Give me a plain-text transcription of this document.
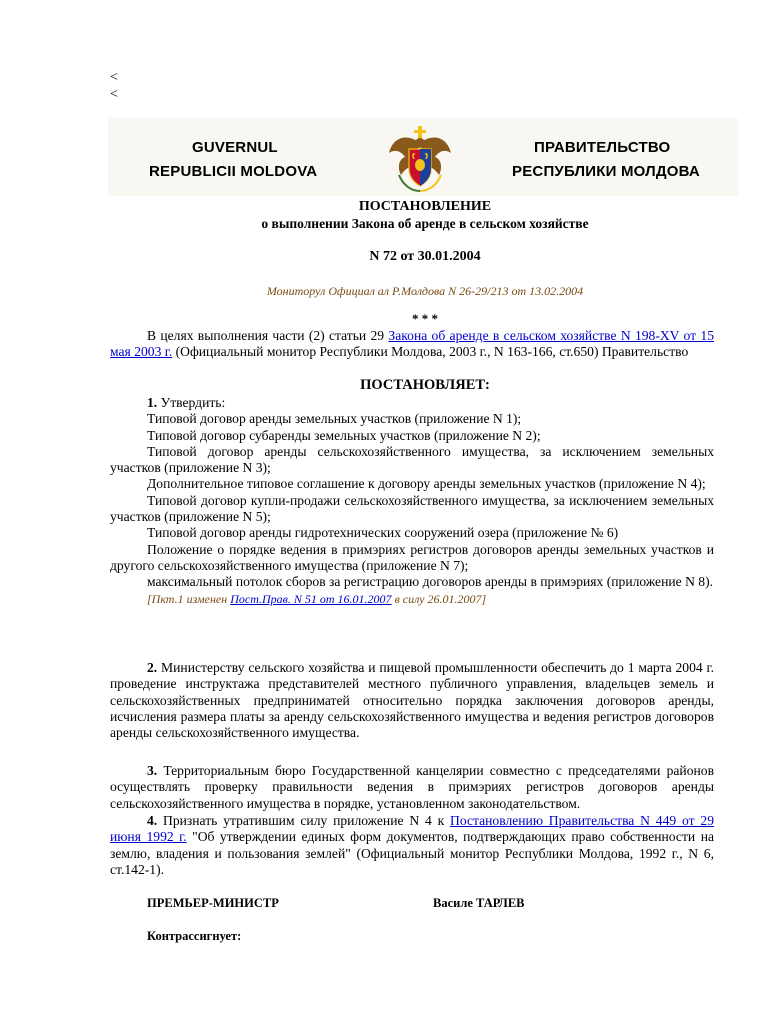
<
<
GUVERNUL
REPUBLICII MOLDOVA
ПРАВИТЕЛЬСТВО
РЕСПУБЛИКИ МОЛДОВА
ПОСТАНОВЛЕНИЕ
о выполнении Закона об аренде в сельском хозяйстве
N 72 от 30.01.2004
Мониторул Официал ал Р.Молдова N 26-29/213 от 13.02.2004
* * *

В целях выполнения части (2) статьи 29 Закона об аренде в сельском хозяйстве N 198-XV от 15 мая 2003 г. (Официальный монитор Республики Молдова, 2003 г., N 163-166, ст.650) Правительство

ПОСТАНОВЛЯЕТ:

1. Утвердить:

Типовой договор аренды земельных участков (приложение N 1);

Типовой договор субаренды земельных участков (приложение N 2);

Типовой договор аренды сельскохозяйственного имущества, за исключением земельных участков (приложение N 3);

Дополнительное типовое соглашение к договору аренды земельных участков (приложение N 4);

Типовой договор купли-продажи сельскохозяйственного имущества, за исключением земельных участков (приложение N 5);

Типовой договор аренды гидротехнических сооружений озера (приложение № 6)

Положение о порядке ведения в примэриях регистров договоров аренды земельных участков и другого сельскохозяйственного имущества (приложение N 7);

максимальный потолок сборов за регистрацию договоров аренды в примэриях (приложение N 8).

[Пкт.1 изменен Пост.Прав. N 51 от 16.01.2007 в силу 26.01.2007]

2. Министерству сельского хозяйства и пищевой промышленности обеспечить до 1 марта 2004 г. проведение инструктажа представителей местного публичного управления, владельцев земель и сельскохозяйственных предприниматей относительно порядка заключения договоров аренды, исчисления размера платы за аренду сельскохозяйственного имущества и ведения регистров договоров аренды сельскохозяйственного имущества.

3. Территориальным бюро Государственной канцелярии совместно с председателями районов осуществлять проверку правильности ведения в примэриях регистров договоров аренды сельскохозяйственного имущества в порядке, установленном законодательством.

4. Признать утратившим силу приложение N 4 к Постановлению Правительства N 449 от 29 июня 1992 г. "Об утверждении единых форм документов, подтверждающих право собственности на землю, владения и пользования землей" (Официальный монитор Республики Молдова, 1992 г., N 6, ст.142-1).

ПРЕМЬЕР-МИНИСТР	Василе ТАРЛЕВ
Контрассигнует:
